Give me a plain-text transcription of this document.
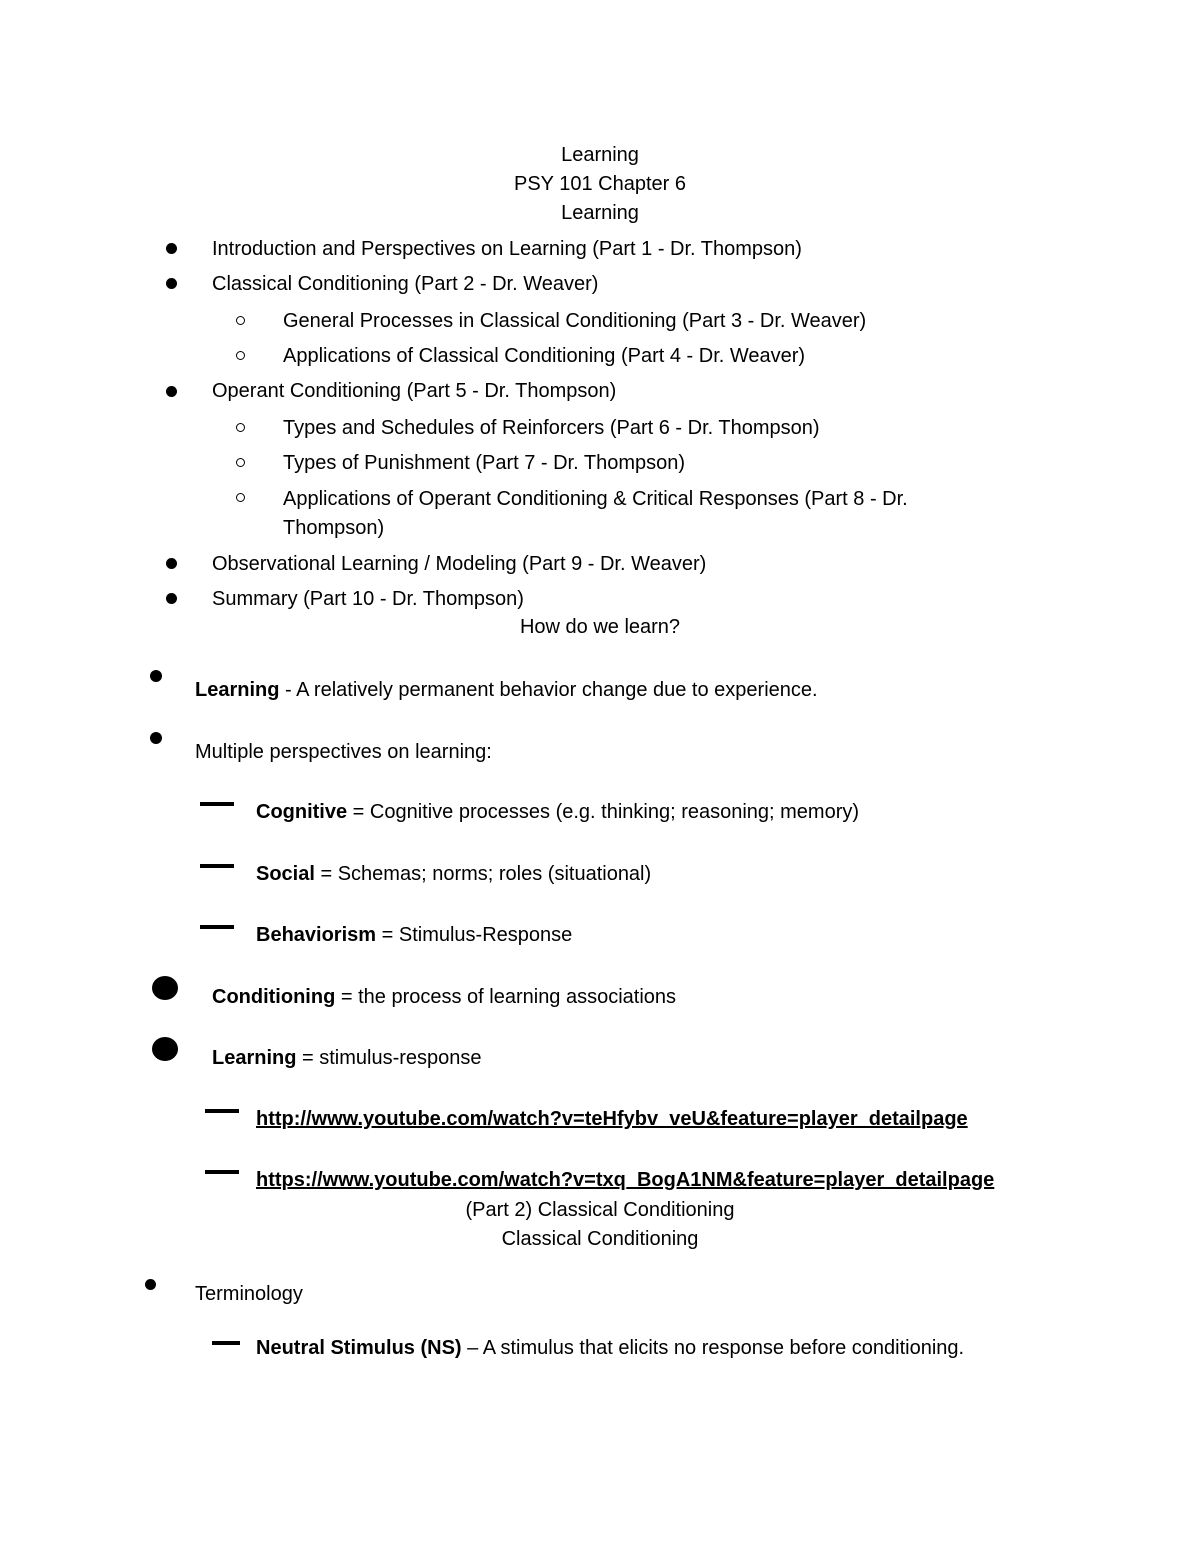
Learning
PSY 101 Chapter 6
Learning
Introduction and Perspectives on Learning (Part 1 - Dr. Thompson)
Classical Conditioning (Part 2 - Dr. Weaver)
General Processes in Classical Conditioning (Part 3 - Dr. Weaver)
Applications of Classical Conditioning (Part 4 - Dr. Weaver)
Operant Conditioning (Part 5 - Dr. Thompson)
Types and Schedules of Reinforcers (Part 6 - Dr. Thompson)
Types of Punishment (Part 7 - Dr. Thompson)
Applications of Operant Conditioning & Critical Responses (Part 8 - Dr.
Thompson)
Observational Learning / Modeling (Part 9 - Dr. Weaver)
Summary (Part 10 - Dr. Thompson)
How do we learn?
Learning - A relatively permanent behavior change due to experience.
Multiple perspectives on learning:
Cognitive = Cognitive processes (e.g. thinking; reasoning; memory)
Social = Schemas; norms; roles (situational)
Behaviorism = Stimulus-Response
Conditioning = the process of learning associations
Learning = stimulus-response
http://www.youtube.com/watch?v=teHfybv_veU&feature=player_detailpage
https://www.youtube.com/watch?v=txq_BogA1NM&feature=player_detailpage
(Part 2) Classical Conditioning
Classical Conditioning
Terminology
Neutral Stimulus (NS) – A stimulus that elicits no response before conditioning.
